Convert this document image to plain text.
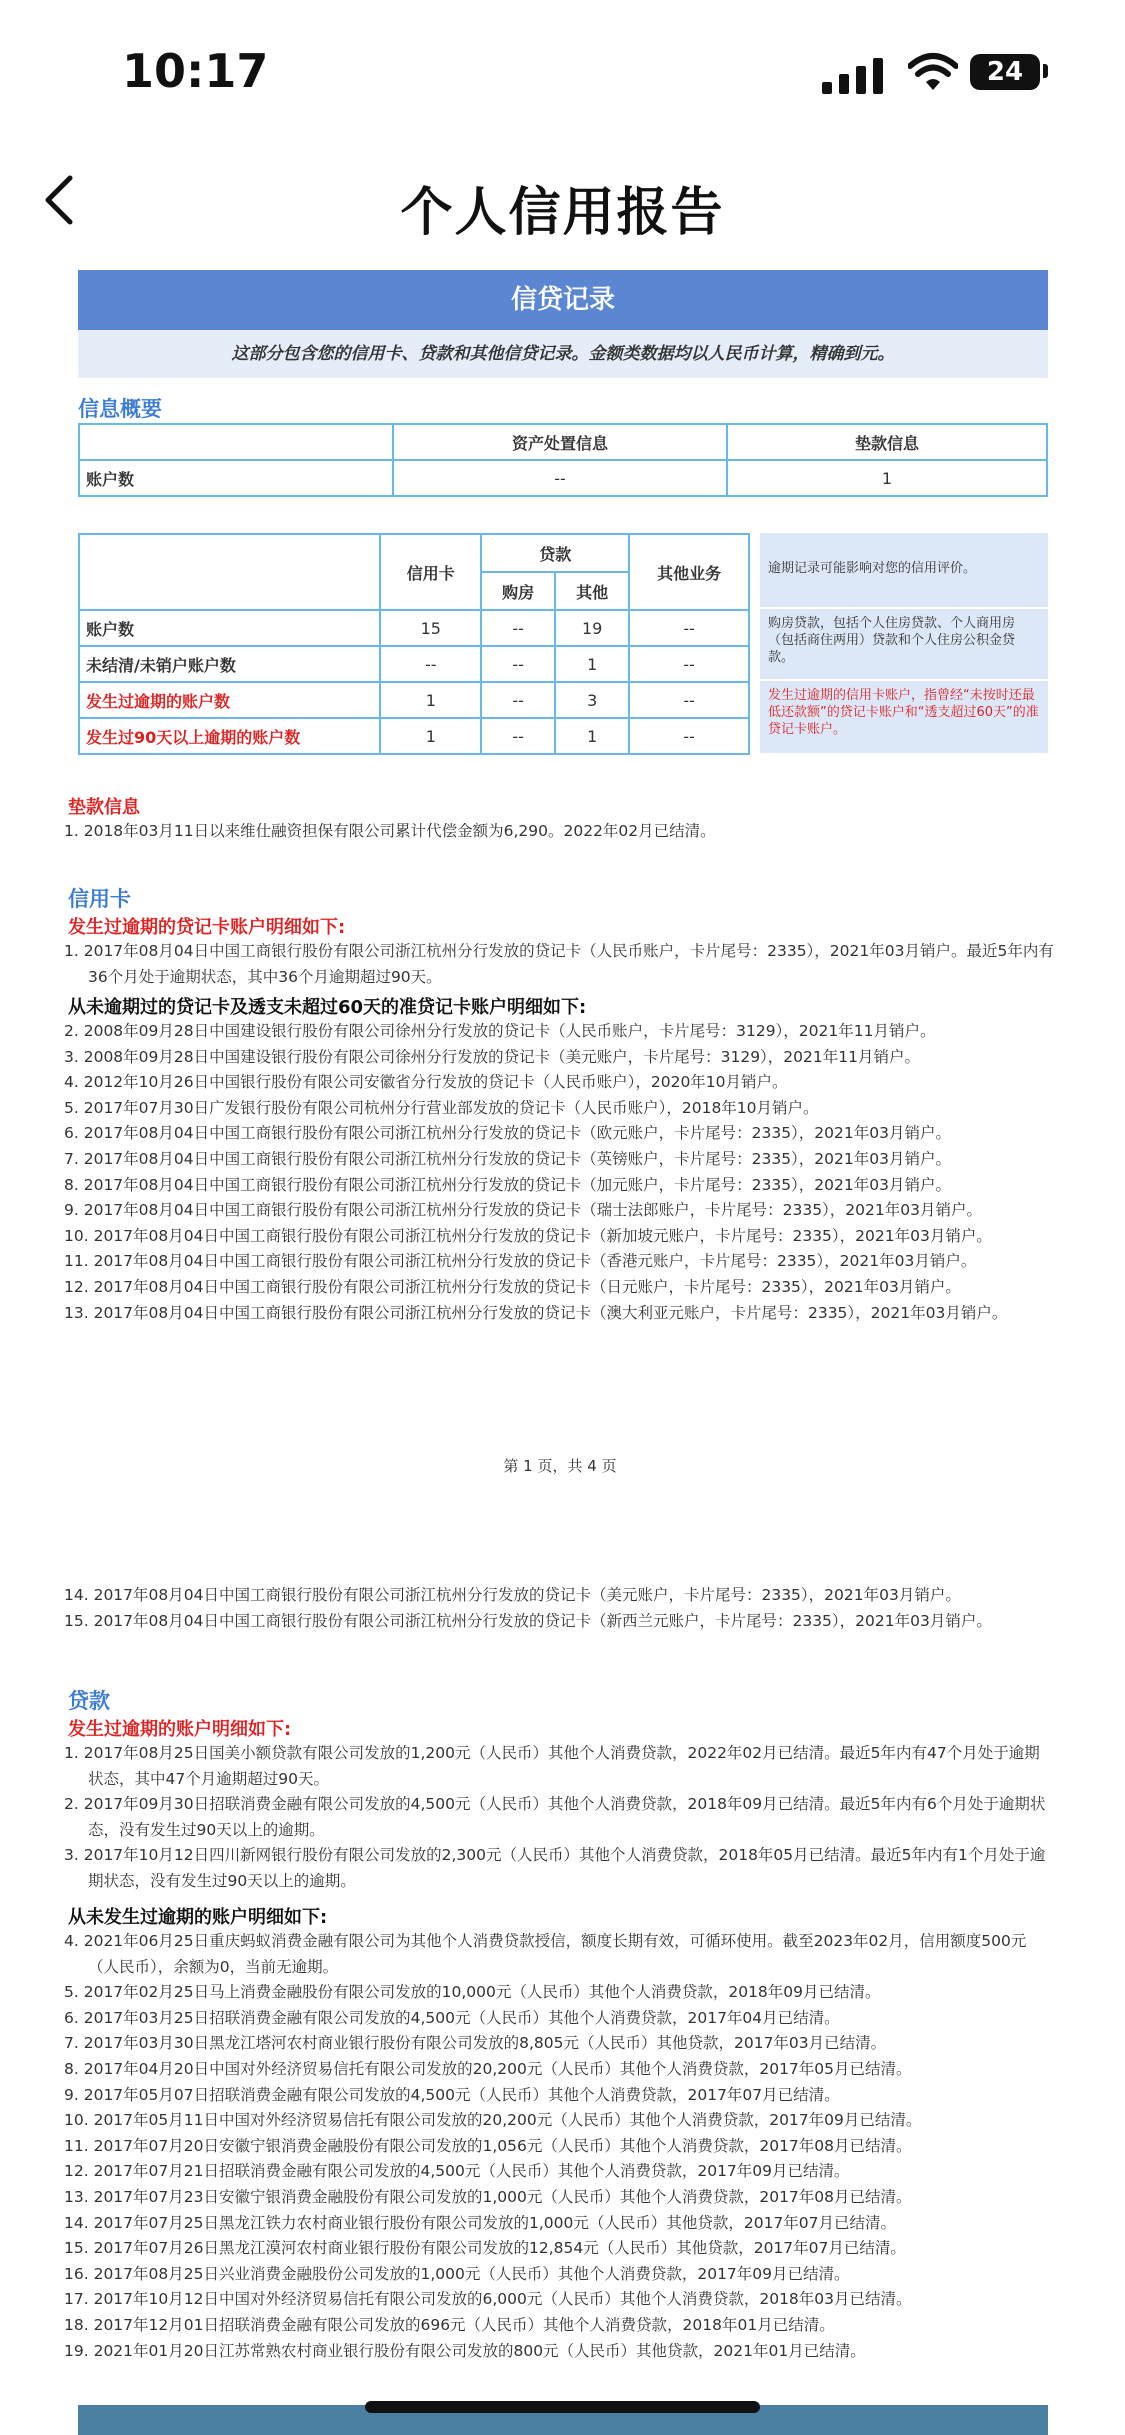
10:17	24
个人信用报告
信贷记录
这部分包含您的信用卡、贷款和其他信贷记录。金额类数据均以人民币计算，精确到元。
信息概要
	资产处置信息	垫款信息
账户数	--	1
	信用卡	贷款		其他业务
		购房	其他	
账户数	15	--	19	--
未结清/未销户账户数	--	--	1	--
发生过逾期的账户数	1	--	3	--
发生过90天以上逾期的账户数	1	--	1	--
逾期记录可能影响对您的信用评价。
购房贷款，包括个人住房贷款、个人商用房（包括商住两用）贷款和个人住房公积金贷款。
发生过逾期的信用卡账户，指曾经“未按时还最低还款额”的贷记卡账户和“透支超过60天”的准贷记卡账户。
垫款信息
1. 2018年03月11日以来维仕融资担保有限公司累计代偿金额为6,290。2022年02月已结清。
信用卡
发生过逾期的贷记卡账户明细如下:
1. 2017年08月04日中国工商银行股份有限公司浙江杭州分行发放的贷记卡（人民币账户，卡片尾号：2335），2021年03月销户。最近5年内有36个月处于逾期状态，其中36个月逾期超过90天。
从未逾期过的贷记卡及透支未超过60天的准贷记卡账户明细如下:
2. 2008年09月28日中国建设银行股份有限公司徐州分行发放的贷记卡（人民币账户，卡片尾号：3129），2021年11月销户。
3. 2008年09月28日中国建设银行股份有限公司徐州分行发放的贷记卡（美元账户，卡片尾号：3129），2021年11月销户。
4. 2012年10月26日中国银行股份有限公司安徽省分行发放的贷记卡（人民币账户），2020年10月销户。
5. 2017年07月30日广发银行股份有限公司杭州分行营业部发放的贷记卡（人民币账户），2018年10月销户。
6. 2017年08月04日中国工商银行股份有限公司浙江杭州分行发放的贷记卡（欧元账户，卡片尾号：2335），2021年03月销户。
7. 2017年08月04日中国工商银行股份有限公司浙江杭州分行发放的贷记卡（英镑账户，卡片尾号：2335），2021年03月销户。
8. 2017年08月04日中国工商银行股份有限公司浙江杭州分行发放的贷记卡（加元账户，卡片尾号：2335），2021年03月销户。
9. 2017年08月04日中国工商银行股份有限公司浙江杭州分行发放的贷记卡（瑞士法郎账户，卡片尾号：2335），2021年03月销户。
10. 2017年08月04日中国工商银行股份有限公司浙江杭州分行发放的贷记卡（新加坡元账户，卡片尾号：2335），2021年03月销户。
11. 2017年08月04日中国工商银行股份有限公司浙江杭州分行发放的贷记卡（香港元账户，卡片尾号：2335），2021年03月销户。
12. 2017年08月04日中国工商银行股份有限公司浙江杭州分行发放的贷记卡（日元账户，卡片尾号：2335），2021年03月销户。
13. 2017年08月04日中国工商银行股份有限公司浙江杭州分行发放的贷记卡（澳大利亚元账户，卡片尾号：2335），2021年03月销户。
第 1 页，共 4 页
14. 2017年08月04日中国工商银行股份有限公司浙江杭州分行发放的贷记卡（美元账户，卡片尾号：2335），2021年03月销户。
15. 2017年08月04日中国工商银行股份有限公司浙江杭州分行发放的贷记卡（新西兰元账户，卡片尾号：2335），2021年03月销户。
贷款
发生过逾期的账户明细如下:
1. 2017年08月25日国美小额贷款有限公司发放的1,200元（人民币）其他个人消费贷款，2022年02月已结清。最近5年内有47个月处于逾期状态，其中47个月逾期超过90天。
2. 2017年09月30日招联消费金融有限公司发放的4,500元（人民币）其他个人消费贷款，2018年09月已结清。最近5年内有6个月处于逾期状态，没有发生过90天以上的逾期。
3. 2017年10月12日四川新网银行股份有限公司发放的2,300元（人民币）其他个人消费贷款，2018年05月已结清。最近5年内有1个月处于逾期状态，没有发生过90天以上的逾期。
从未发生过逾期的账户明细如下:
4. 2021年06月25日重庆蚂蚁消费金融有限公司为其他个人消费贷款授信，额度长期有效，可循环使用。截至2023年02月，信用额度500元（人民币），余额为0，当前无逾期。
5. 2017年02月25日马上消费金融股份有限公司发放的10,000元（人民币）其他个人消费贷款，2018年09月已结清。
6. 2017年03月25日招联消费金融有限公司发放的4,500元（人民币）其他个人消费贷款，2017年04月已结清。
7. 2017年03月30日黑龙江塔河农村商业银行股份有限公司发放的8,805元（人民币）其他贷款，2017年03月已结清。
8. 2017年04月20日中国对外经济贸易信托有限公司发放的20,200元（人民币）其他个人消费贷款，2017年05月已结清。
9. 2017年05月07日招联消费金融有限公司发放的4,500元（人民币）其他个人消费贷款，2017年07月已结清。
10. 2017年05月11日中国对外经济贸易信托有限公司发放的20,200元（人民币）其他个人消费贷款，2017年09月已结清。
11. 2017年07月20日安徽宁银消费金融股份有限公司发放的1,056元（人民币）其他个人消费贷款，2017年08月已结清。
12. 2017年07月21日招联消费金融有限公司发放的4,500元（人民币）其他个人消费贷款，2017年09月已结清。
13. 2017年07月23日安徽宁银消费金融股份有限公司发放的1,000元（人民币）其他个人消费贷款，2017年08月已结清。
14. 2017年07月25日黑龙江铁力农村商业银行股份有限公司发放的1,000元（人民币）其他贷款，2017年07月已结清。
15. 2017年07月26日黑龙江漠河农村商业银行股份有限公司发放的12,854元（人民币）其他贷款，2017年07月已结清。
16. 2017年08月25日兴业消费金融股份公司发放的1,000元（人民币）其他个人消费贷款，2017年09月已结清。
17. 2017年10月12日中国对外经济贸易信托有限公司发放的6,000元（人民币）其他个人消费贷款，2018年03月已结清。
18. 2017年12月01日招联消费金融有限公司发放的696元（人民币）其他个人消费贷款，2018年01月已结清。
19. 2021年01月20日江苏常熟农村商业银行股份有限公司发放的800元（人民币）其他贷款，2021年01月已结清。
